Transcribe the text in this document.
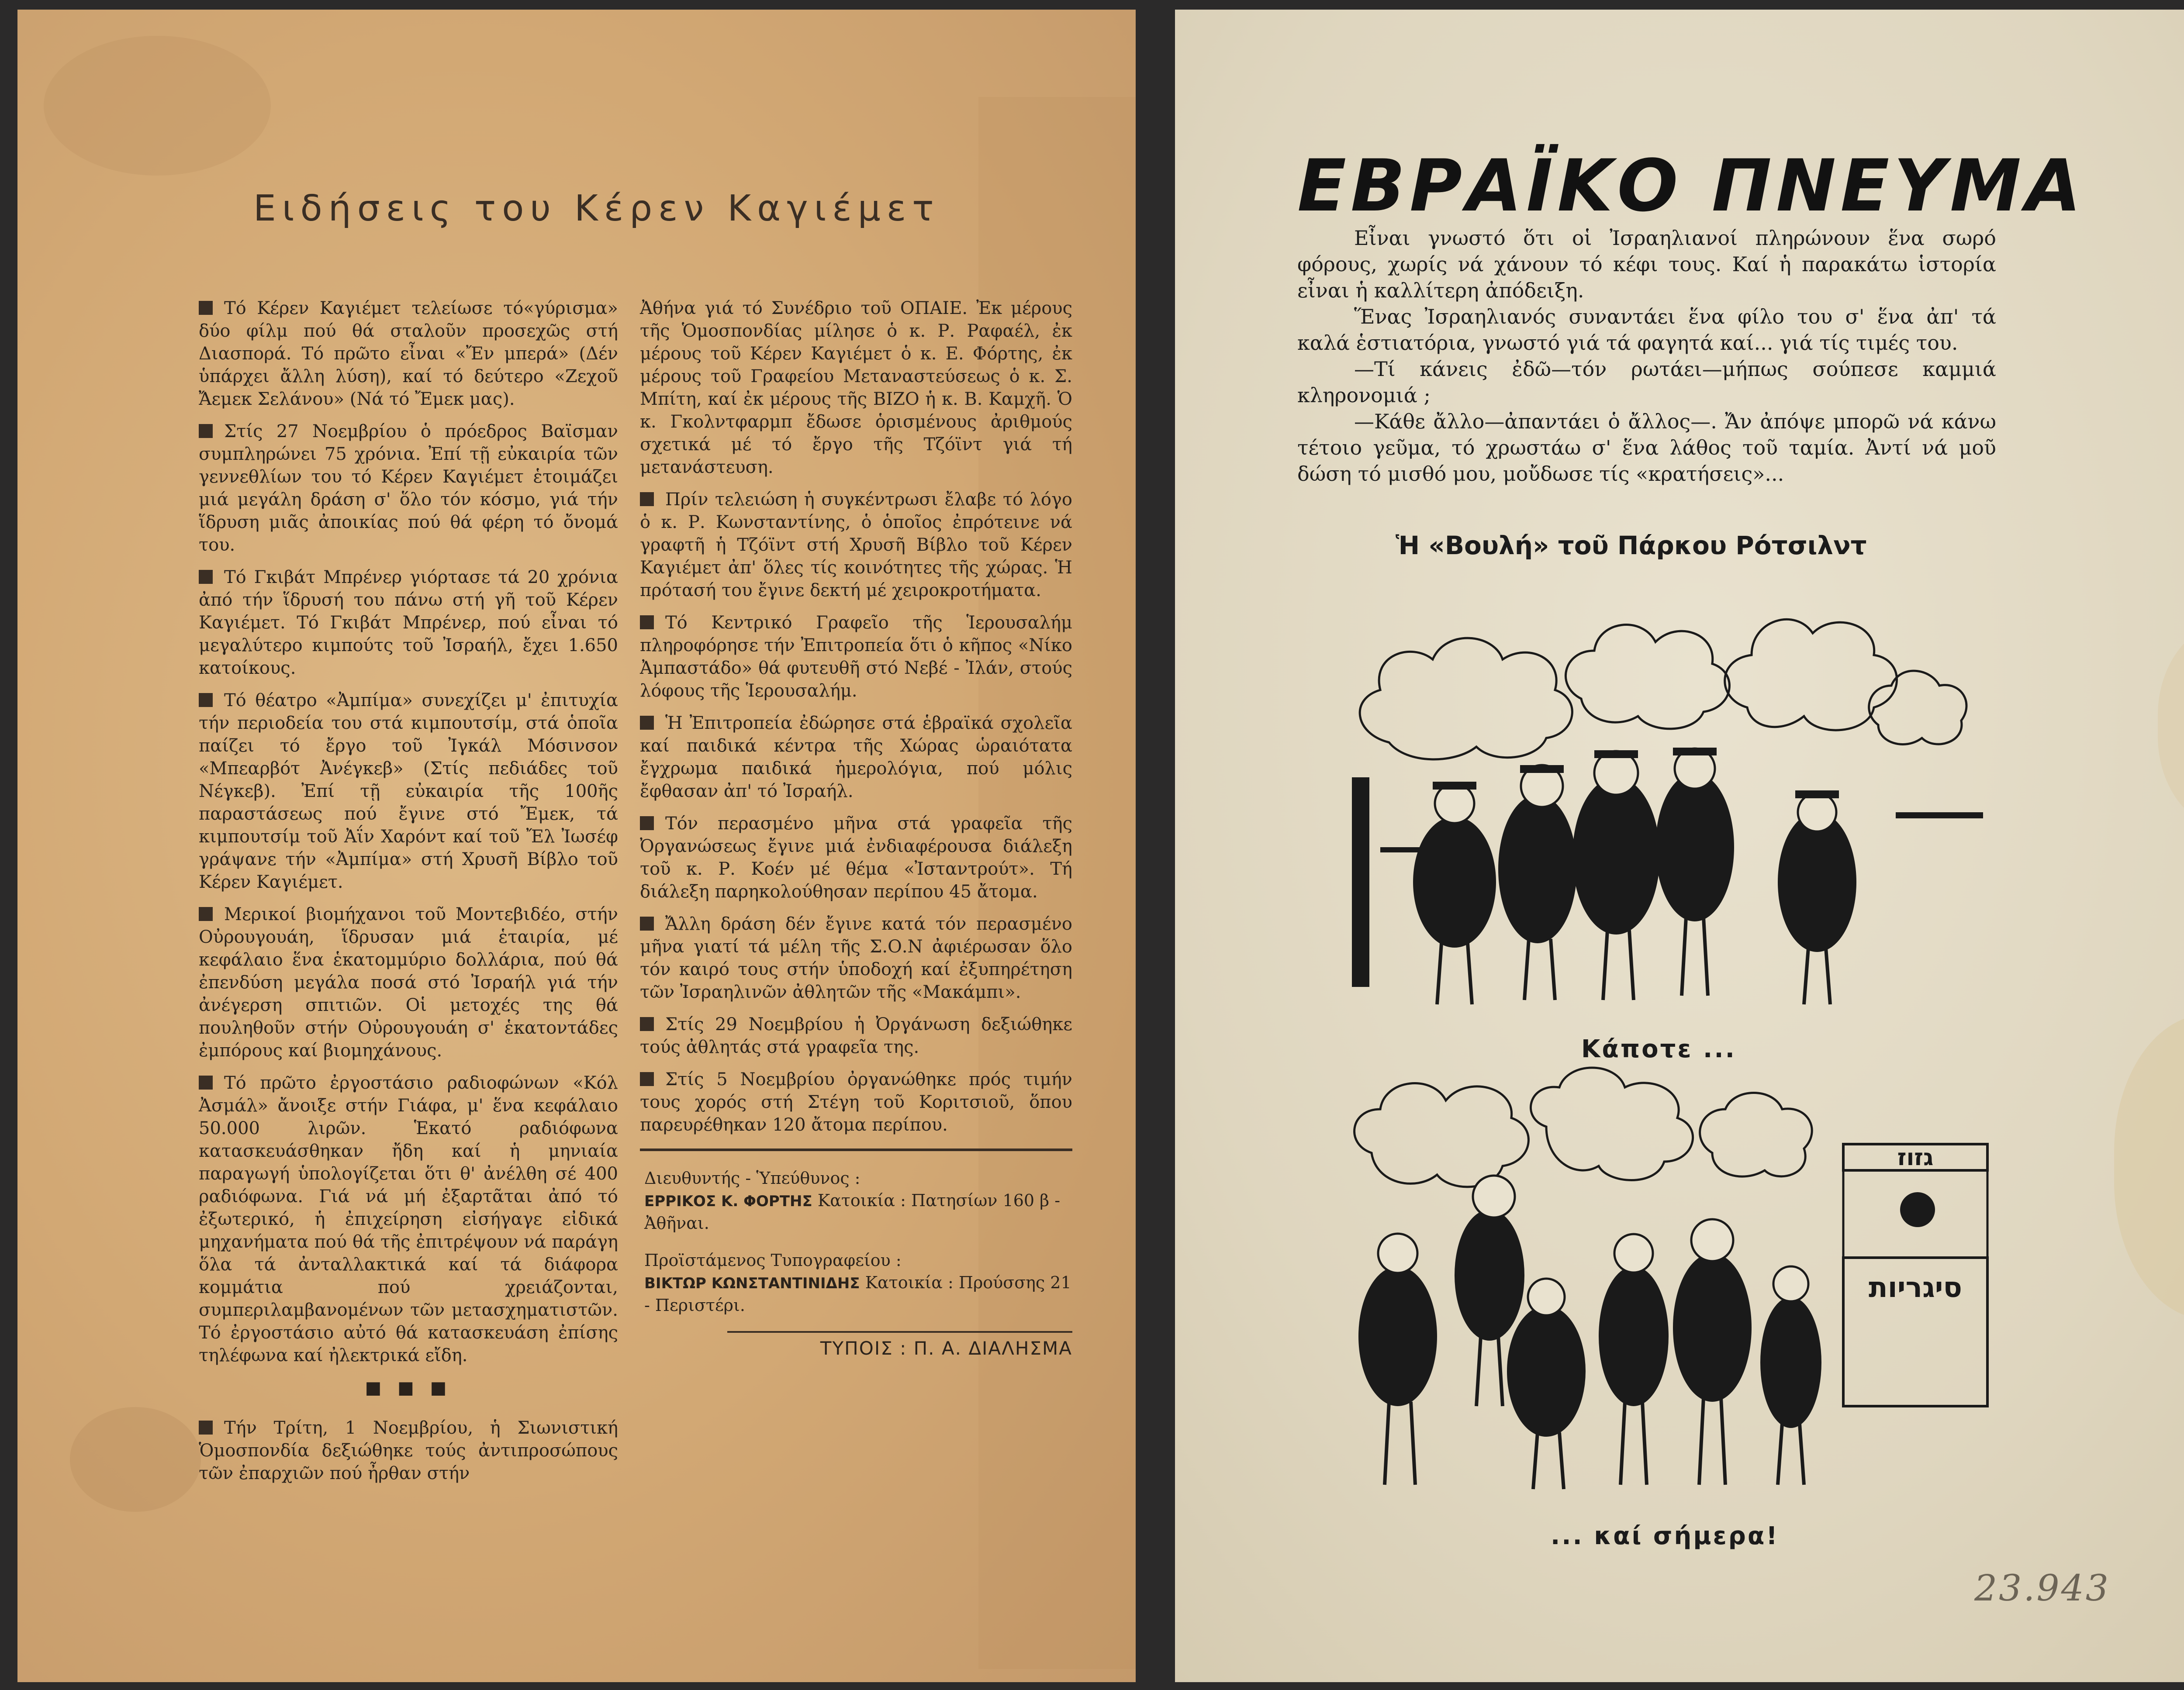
Ειδήσεις του Κέρεν Καγιέμετ

Τό Κέρεν Καγιέμετ τελείωσε τό«γύρισμα» δύο φίλμ πού θά σταλοῦν προσεχῶς στή Διασπορά. Τό πρῶτο εἶναι «Ἔν μπερά» (Δέν ὑπάρχει ἄλλη λύση), καί τό δεύτερο «Ζεχοῦ Ἄεμεκ Σελάνου» (Νά τό Ἔμεκ μας).

Στίς 27 Νοεμβρίου ὁ πρόεδρος Βαϊσμαν συμπληρώνει 75 χρόνια. Ἐπί τῇ εὐκαιρία τῶν γεννεθλίων του τό Κέρεν Καγιέμετ ἑτοιμάζει μιά μεγάλη δράση σ' ὅλο τόν κόσμο, γιά τήν ἵδρυση μιᾶς ἀποικίας πού θά φέρη τό ὄνομά του.

Τό Γκιβάτ Μπρένερ γιόρτασε τά 20 χρόνια ἀπό τήν ἵδρυσή του πάνω στή γῆ τοῦ Κέρεν Καγιέμετ. Τό Γκιβάτ Μπρένερ, πού εἶναι τό μεγαλύτερο κιμπούτς τοῦ Ἰσραήλ, ἔχει 1.650 κατοίκους.

Τό θέατρο «Ἀμπίμα» συνεχίζει μ' ἐπιτυχία τήν περιοδεία του στά κιμπουτσίμ, στά ὁποῖα παίζει τό ἔργο τοῦ Ἰγκάλ Μόσινσον «Μπεαρβότ Ἀνέγκεβ» (Στίς πεδιάδες τοῦ Νέγκεβ). Ἐπί τῇ εὐκαιρία τῆς 100ῆς παραστάσεως πού ἔγινε στό Ἔμεκ, τά κιμπουτσίμ τοῦ Ἀΐν Χαρόντ καί τοῦ Ἔλ Ἰωσέφ γράψανε τήν «Ἀμπίμα» στή Χρυσῆ Βίβλο τοῦ Κέρεν Καγιέμετ.

Μερικοί βιομήχανοι τοῦ Μοντεβιδέο, στήν Οὐρουγουάη, ἵδρυσαν μιά ἑταιρία, μέ κεφάλαιο ἕνα ἑκατομμύριο δολλάρια, πού θά ἐπενδύση μεγάλα ποσά στό Ἰσραήλ γιά τήν ἀνέγερση σπιτιῶν. Οἱ μετοχές της θά πουληθοῦν στήν Οὐρουγουάη σ' ἑκατοντάδες ἐμπόρους καί βιομηχάνους.

Τό πρῶτο ἐργοστάσιο ραδιοφώνων «Κόλ Ἀσμάλ» ἄνοιξε στήν Γιάφα, μ' ἕνα κεφάλαιο 50.000 λιρῶν. Ἑκατό ραδιόφωνα κατασκευάσθηκαν ἤδη καί ἡ μηνιαία παραγωγή ὑπολογίζεται ὅτι θ' ἀνέλθη σέ 400 ραδιόφωνα. Γιά νά μή ἐξαρτᾶται ἀπό τό ἐξωτερικό, ἡ ἐπιχείρηση εἰσήγαγε εἰδικά μηχανήματα πού θά τῆς ἐπιτρέψουν νά παράγη ὅλα τά ἀνταλλακτικά καί τά διάφορα κομμάτια πού χρειάζονται, συμπεριλαμβανομένων τῶν μετασχηματιστῶν. Τό ἐργοστάσιο αὐτό θά κατασκευάση ἐπίσης τηλέφωνα καί ἠλεκτρικά εἴδη.

■ ■ ■

Τήν Τρίτη, 1 Νοεμβρίου, ἡ Σιωνιστική Ὁμοσπονδία δεξιώθηκε τούς ἀντιπροσώπους τῶν ἐπαρχιῶν πού ἦρθαν στήν

Ἀθήνα γιά τό Συνέδριο τοῦ ΟΠΑΙΕ. Ἐκ μέρους τῆς Ὁμοσπονδίας μίλησε ὁ κ. Ρ. Ραφαέλ, ἐκ μέρους τοῦ Κέρεν Καγιέμετ ὁ κ. Ε. Φόρτης, ἐκ μέρους τοῦ Γραφείου Μεταναστεύσεως ὁ κ. Σ. Μπίτη, καί ἐκ μέρους τῆς ΒΙΖΟ ἡ κ. Β. Καμχῆ. Ὁ κ. Γκολντφαρμπ ἔδωσε ὁρισμένους ἀριθμούς σχετικά μέ τό ἔργο τῆς Τζόϊντ γιά τή μετανάστευση.

Πρίν τελειώση ἡ συγκέντρωσι ἔλαβε τό λόγο ὁ κ. Ρ. Κωνσταντίνης, ὁ ὁποῖος ἐπρότεινε νά γραφτῆ ἡ Τζόϊντ στή Χρυσῆ Βίβλο τοῦ Κέρεν Καγιέμετ ἀπ' ὅλες τίς κοινότητες τῆς χώρας. Ἡ πρότασή του ἔγινε δεκτή μέ χειροκροτήματα.

Τό Κεντρικό Γραφεῖο τῆς Ἱερουσαλήμ πληροφόρησε τήν Ἐπιτροπεία ὅτι ὁ κῆπος «Νίκο Ἀμπαστάδο» θά φυτευθῆ στό Νεβέ - Ἰλάν, στούς λόφους τῆς Ἱερουσαλήμ.

Ἡ Ἐπιτροπεία ἐδώρησε στά ἑβραϊκά σχολεῖα καί παιδικά κέντρα τῆς Χώρας ὡραιότατα ἔγχρωμα παιδικά ἡμερολόγια, πού μόλις ἔφθασαν ἀπ' τό Ἰσραήλ.

Τόν περασμένο μῆνα στά γραφεῖα τῆς Ὀργανώσεως ἔγινε μιά ἐνδιαφέρουσα διάλεξη τοῦ κ. Ρ. Κοέν μέ θέμα «Ἰσταντρούτ». Τή διάλεξη παρηκολούθησαν περίπου 45 ἄτομα.

Ἄλλη δράση δέν ἔγινε κατά τόν περασμένο μῆνα γιατί τά μέλη τῆς Σ.Ο.Ν ἀφιέρωσαν ὅλο τόν καιρό τους στήν ὑποδοχή καί ἐξυπηρέτηση τῶν Ἰσραηλινῶν ἀθλητῶν τῆς «Μακάμπι».

Στίς 29 Νοεμβρίου ἡ Ὀργάνωση δεξιώθηκε τούς ἀθλητάς στά γραφεῖα της.

Στίς 5 Νοεμβρίου ὀργανώθηκε πρός τιμήν τους χορός στή Στέγη τοῦ Κοριτσιοῦ, ὅπου παρευρέθηκαν 120 ἄτομα περίπου.

Διευθυντής - Ὑπεύθυνος :
ΕΡΡΙΚΟΣ Κ. ΦΟΡΤΗΣ Κατοικία : Πατησίων 160 β - Ἀθῆναι.
Προϊστάμενος Τυπογραφείου :
ΒΙΚΤΩΡ ΚΩΝΣΤΑΝΤΙΝΙΔΗΣ Κατοικία : Προύσσης 21 - Περιστέρι.
ΤΥΠΟΙΣ : Π. Α. ΔΙΑΛΗΣΜΑ
ΕΒΡΑΪΚΟ ΠΝΕΥΜΑ

Εἶναι γνωστό ὅτι οἱ Ἰσραηλιανοί πληρώνουν ἕνα σωρό φόρους, χωρίς νά χάνουν τό κέφι τους. Καί ἡ παρακάτω ἱστορία εἶναι ἡ καλλίτερη ἀπόδειξη.

Ἕνας Ἰσραηλιανός συναντάει ἕνα φίλο του σ' ἕνα ἀπ' τά καλά ἑστιατόρια, γνωστό γιά τά φαγητά καί... γιά τίς τιμές του.

—Τί κάνεις ἐδῶ—τόν ρωτάει—μήπως σούπεσε καμμιά κληρονομιά ;

—Κάθε ἄλλο—ἀπαντάει ὁ ἄλλος—. Ἄν ἀπόψε μπορῶ νά κάνω τέτοιο γεῦμα, τό χρωστάω σ' ἕνα λάθος τοῦ ταμία. Ἀντί νά μοῦ δώση τό μισθό μου, μοὔδωσε τίς «κρατήσεις»...

Ἡ «Βουλή» τοῦ Πάρκου Ρότσιλντ
Κάποτε ...
גזוז
סיגריות
... καί σήμερα!
23.943
